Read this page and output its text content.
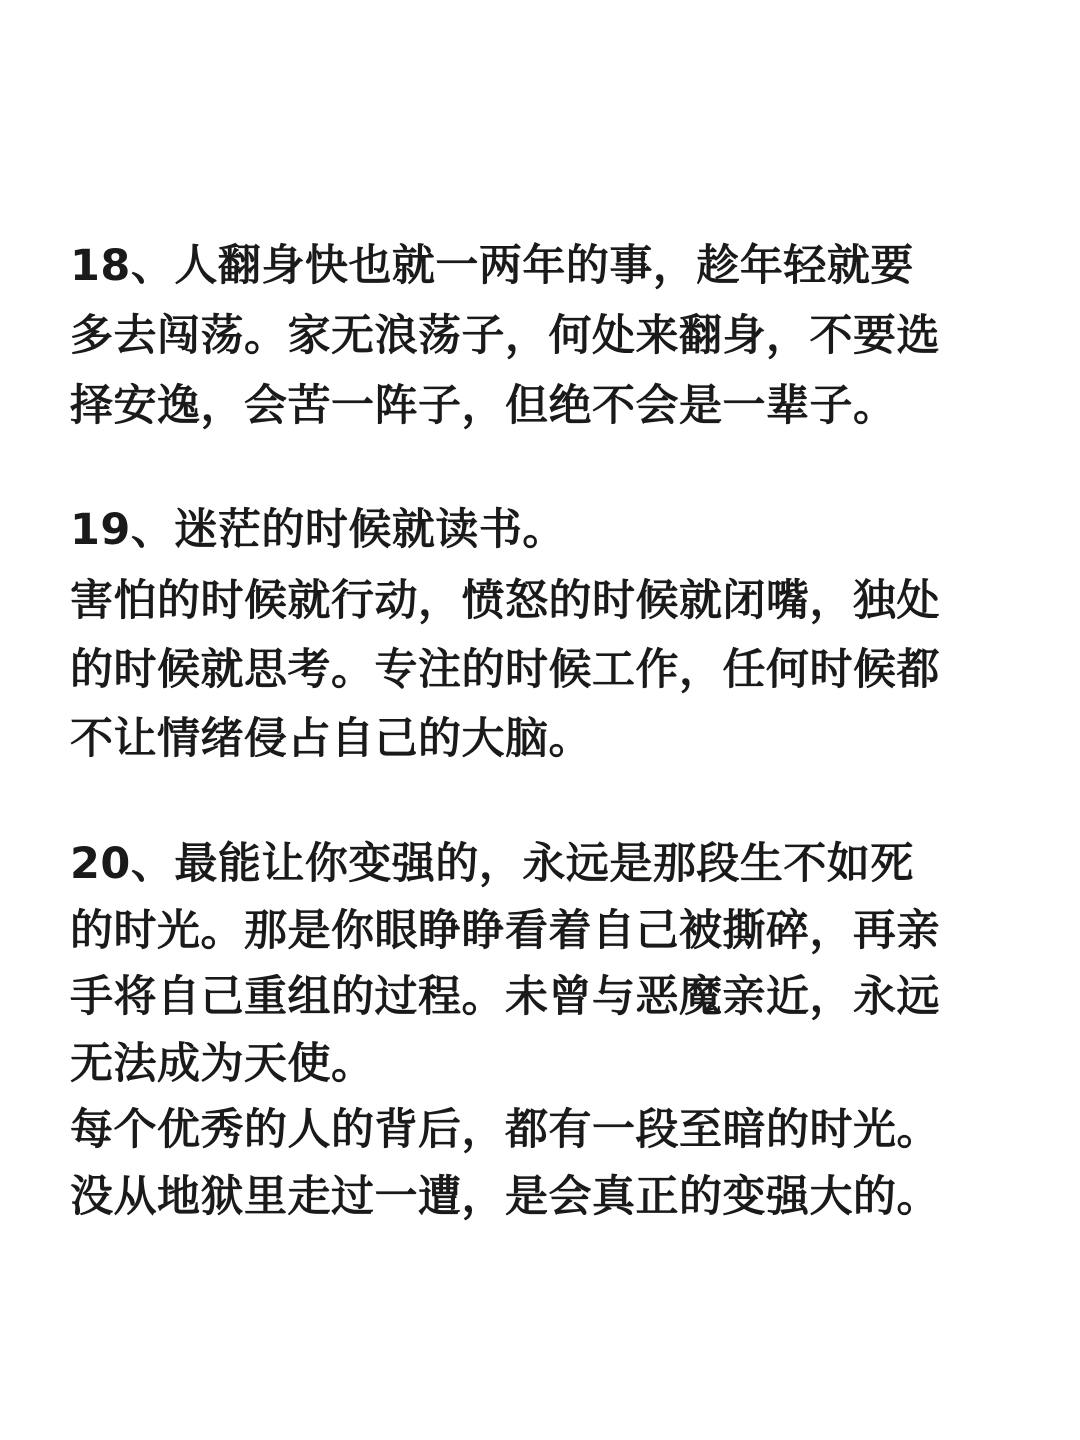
18、人翻身快也就一两年的事，趁年轻就要
多去闯荡。家无浪荡子，何处来翻身，不要选
择安逸，会苦一阵子，但绝不会是一辈子。
19、迷茫的时候就读书。
害怕的时候就行动，愤怒的时候就闭嘴，独处
的时候就思考。专注的时候工作，任何时候都
不让情绪侵占自己的大脑。
20、最能让你变强的，永远是那段生不如死
的时光。那是你眼睁睁看着自己被撕碎，再亲
手将自己重组的过程。未曾与恶魔亲近，永远
无法成为天使。
每个优秀的人的背后，都有一段至暗的时光。
没从地狱里走过一遭，是会真正的变强大的。
